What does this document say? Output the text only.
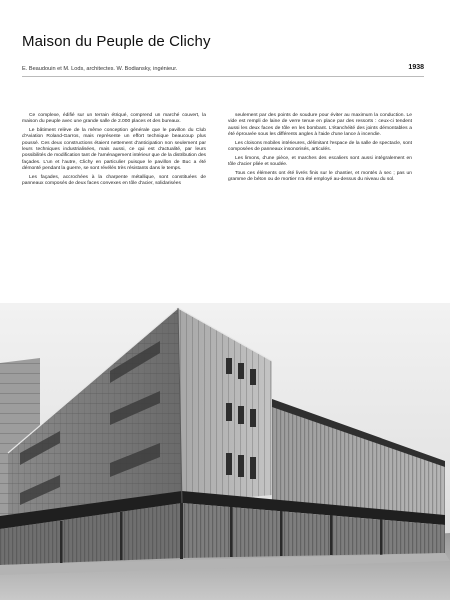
Maison du Peuple de Clichy
E. Beaudouin et M. Lods, architectes. W. Bodiansky, ingénieur.	1938

Ce complexe, édifié sur un terrain étriqué, comprend un marché couvert, la maison du peuple avec une grande salle de 2.000 places et des bureaux.

Le bâtiment relève de la même conception générale que le pavillon du Club d'Aviation Roland-Garros, mais représente un effort technique beaucoup plus poussé. Ces deux constructions étaient nettement d'anticipation non seulement par leurs techniques industrialisées, mais aussi, ce qui est d'actualité, par leurs possibilités de modification tant de l'aménagement intérieur que de la distribution des façades. L'un et l'autre, Clichy en particulier puisque le pavillon de Buc a été démonté pendant la guerre, se sont révélés très résistants dans le temps.

Les façades, accrochées à la charpente métallique, sont constituées de panneaux composés de deux faces convexes en tôle d'acier, solidarisées

seulement par des points de soudure pour éviter au maximum la conduction. Le vide est rempli de laine de verre tenue en place par des ressorts : ceux-ci tendent aussi les deux faces de tôle en les bombant. L'étanchéité des joints démontables a été éprouvée sous les différents angles à l'aide d'une lance à incendie.

Les cloisons mobiles intérieures, délimitant l'espace de la salle de spectacle, sont composées de panneaux insonorisés, articulés.

Les limons, d'une pièce, et marches des escaliers sont aussi intégralement en tôle d'acier pliée et soudée.

Tous ces éléments ont été livrés finis sur le chantier, et montés à sec ; pas un gramme de béton ou de mortier n'a été employé au-dessus du niveau du sol.
